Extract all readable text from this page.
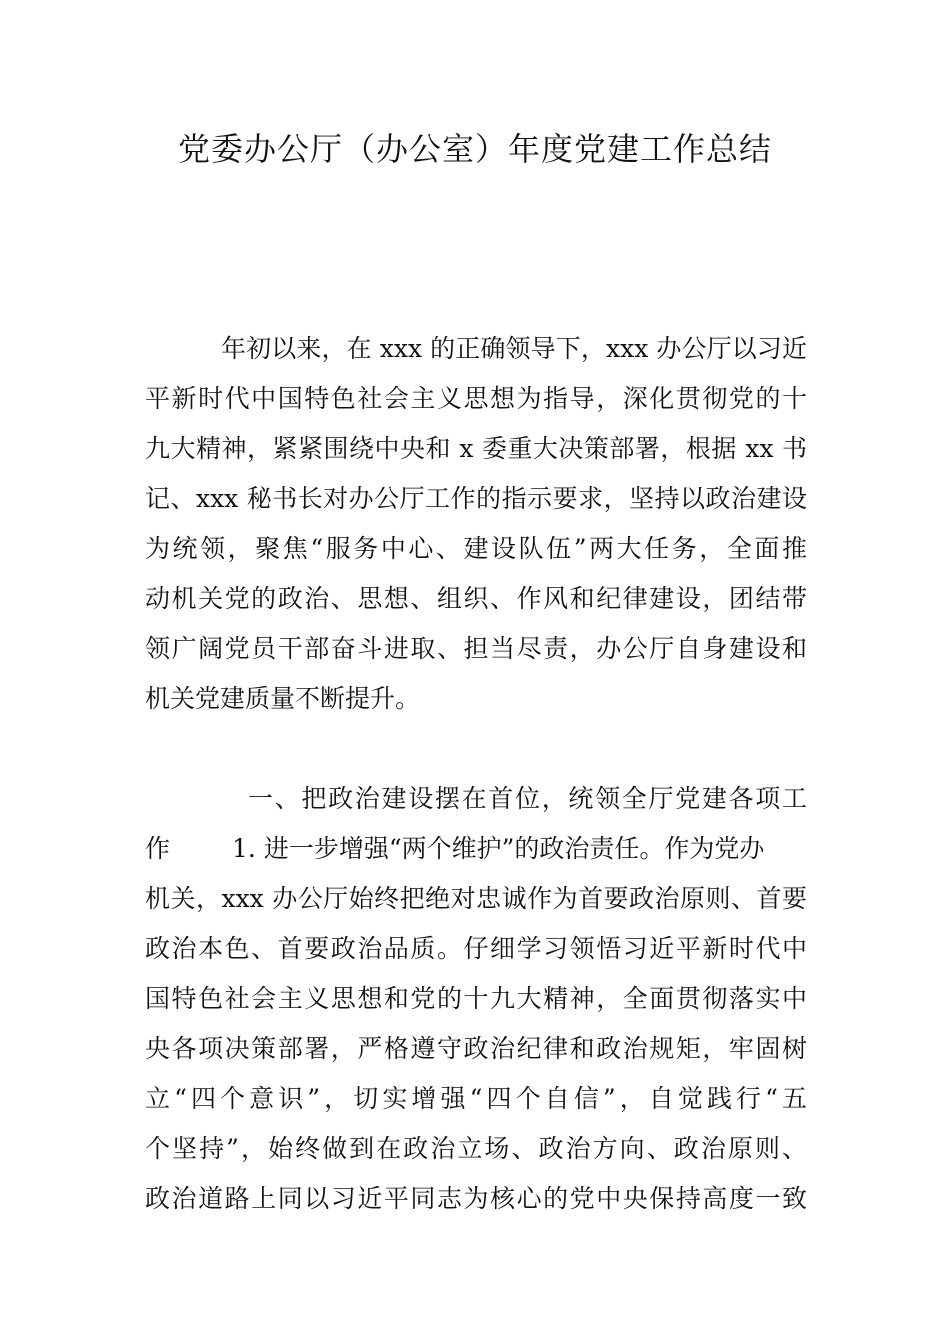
党委办公厅（办公室）年度党建工作总结
年初以来，在 xxx 的正确领导下，xxx 办公厅以习近
平新时代中国特色社会主义思想为指导，深化贯彻党的十
九大精神，紧紧围绕中央和 x 委重大决策部署，根据 xx 书
记、xxx 秘书长对办公厅工作的指示要求，坚持以政治建设
为统领，聚焦“服务中心、建设队伍”两大任务，全面推
动机关党的政治、思想、组织、作风和纪律建设，团结带
领广阔党员干部奋斗进取、担当尽责，办公厅自身建设和
机关党建质量不断提升。
一、把政治建设摆在首位，统领全厅党建各项工
作 1. 进一步增强“两个维护”的政治责任。作为党办
机关，xxx 办公厅始终把绝对忠诚作为首要政治原则、首要
政治本色、首要政治品质。仔细学习领悟习近平新时代中
国特色社会主义思想和党的十九大精神，全面贯彻落实中
央各项决策部署，严格遵守政治纪律和政治规矩，牢固树
立“四个意识”，切实增强“四个自信”，自觉践行“五
个坚持”，始终做到在政治立场、政治方向、政治原则、
政治道路上同以习近平同志为核心的党中央保持高度一致
